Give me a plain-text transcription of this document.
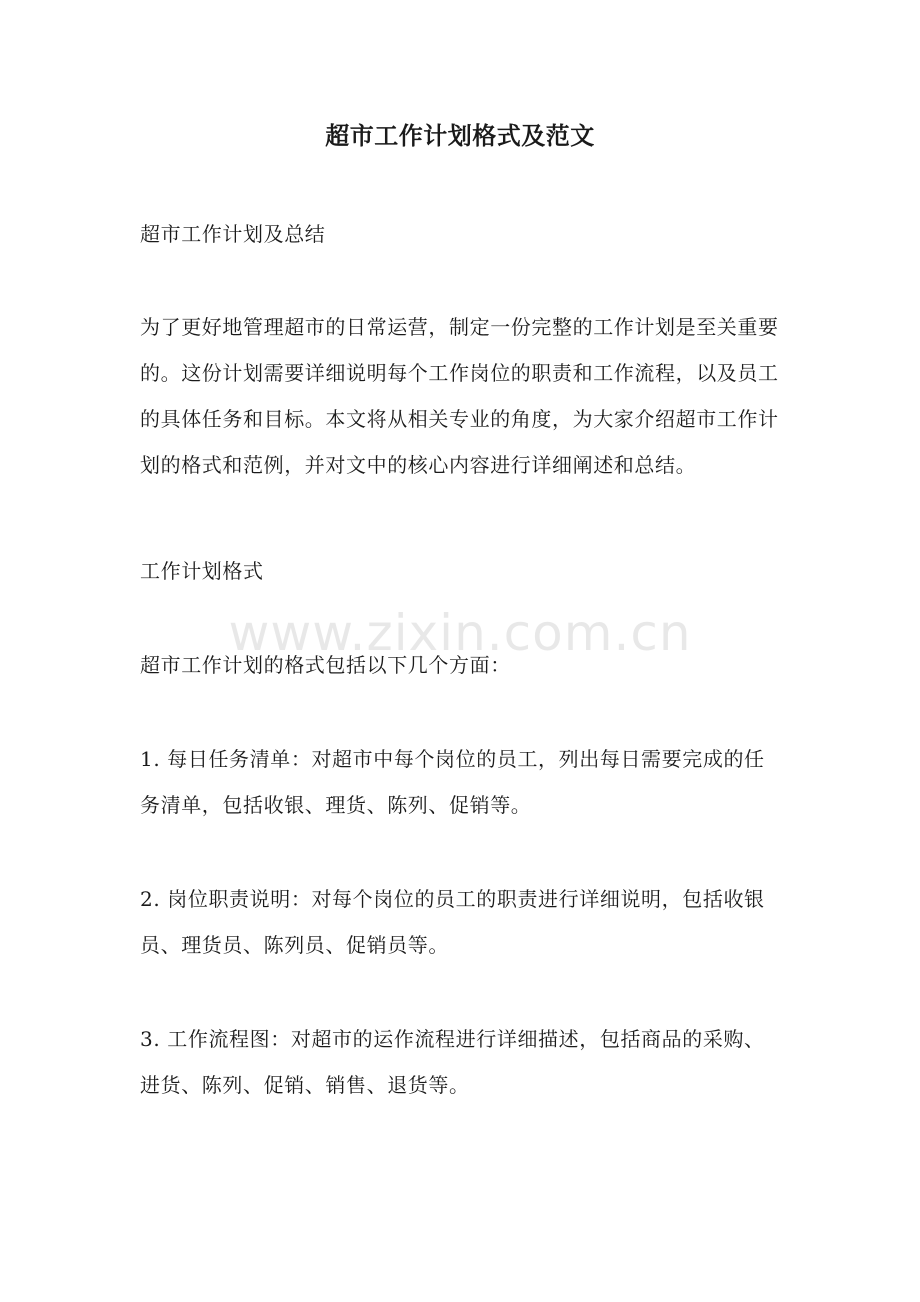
超市工作计划格式及范文

超市工作计划及总结

为了更好地管理超市的日常运营，制定一份完整的工作计划是至关重要的。这份计划需要详细说明每个工作岗位的职责和工作流程，以及员工的具体任务和目标。本文将从相关专业的角度，为大家介绍超市工作计划的格式和范例，并对文中的核心内容进行详细阐述和总结。

工作计划格式

超市工作计划的格式包括以下几个方面：

1. 每日任务清单：对超市中每个岗位的员工，列出每日需要完成的任务清单，包括收银、理货、陈列、促销等。

2. 岗位职责说明：对每个岗位的员工的职责进行详细说明，包括收银员、理货员、陈列员、促销员等。

3. 工作流程图：对超市的运作流程进行详细描述，包括商品的采购、进货、陈列、促销、销售、退货等。

www.zixin.com.cn
